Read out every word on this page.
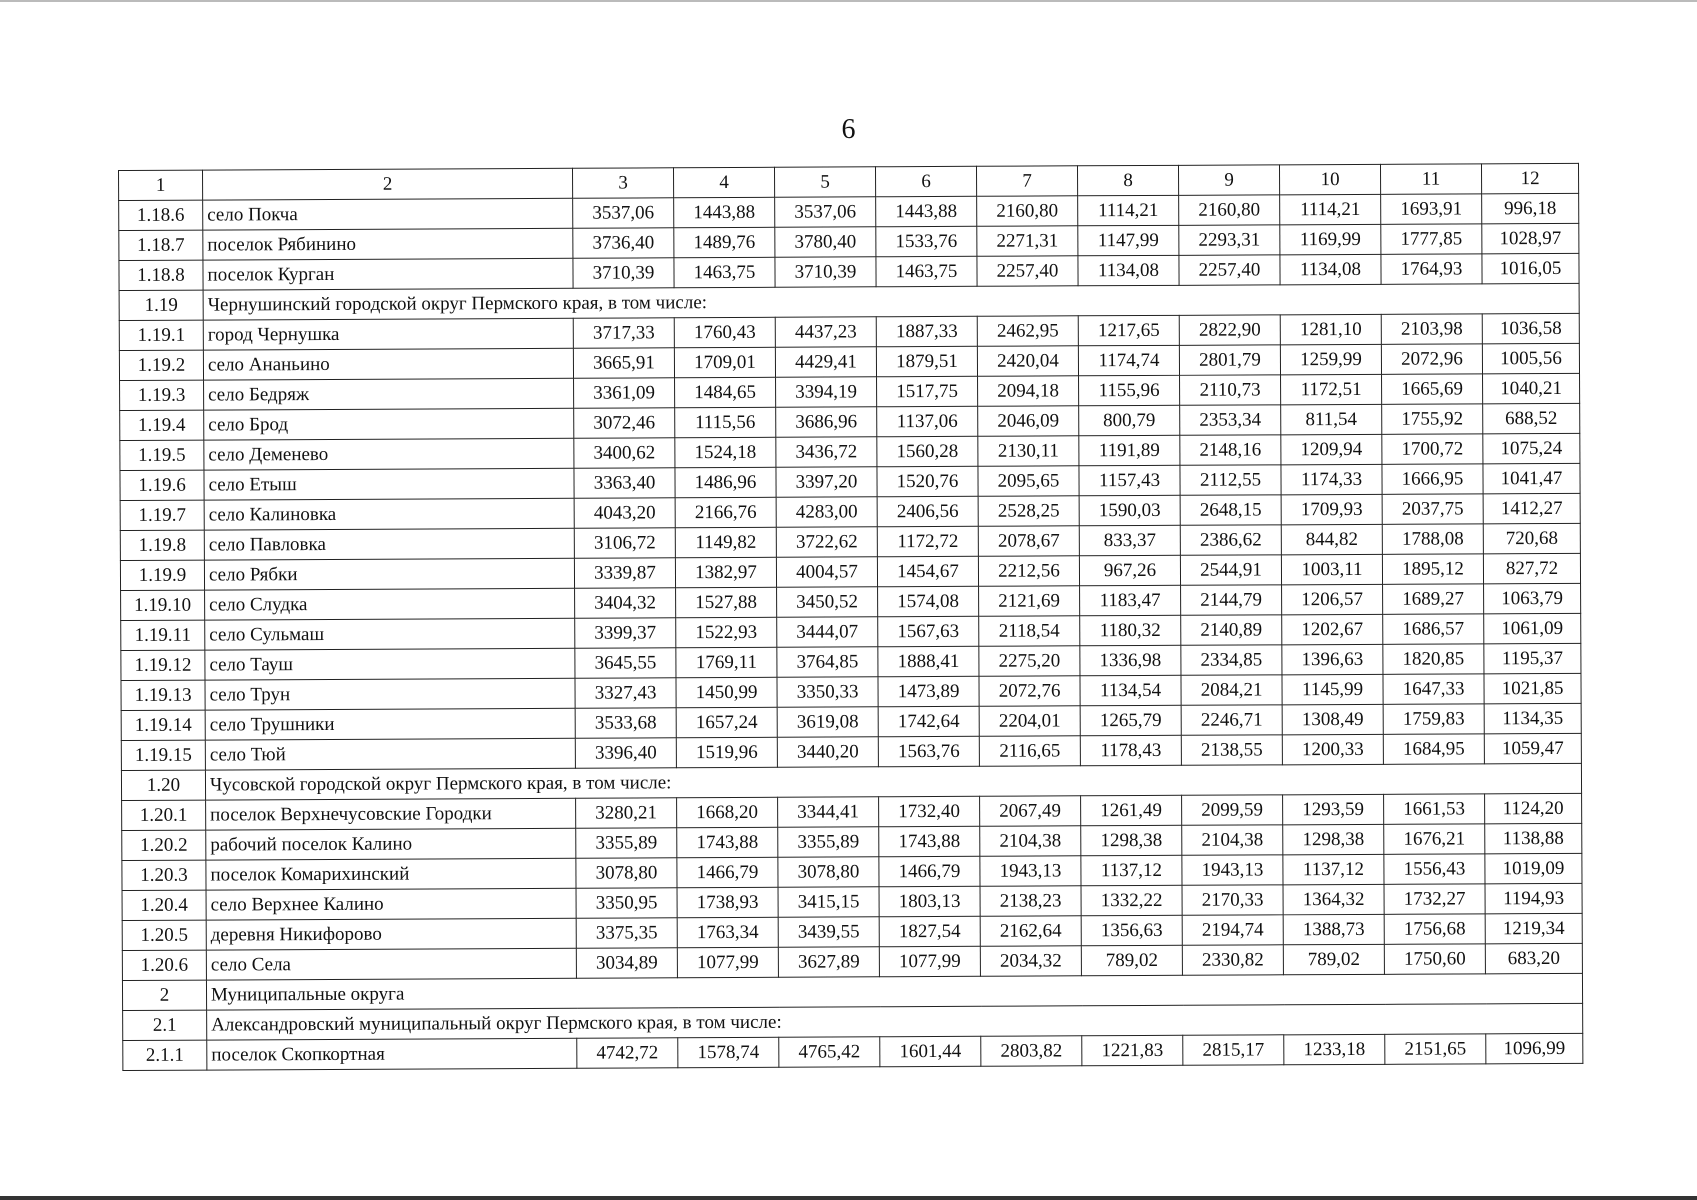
6
1	2	3	4	5	6	7	8	9	10	11	12
1.18.6	село Покча	3537,06	1443,88	3537,06	1443,88	2160,80	1114,21	2160,80	1114,21	1693,91	996,18
1.18.7	поселок Рябинино	3736,40	1489,76	3780,40	1533,76	2271,31	1147,99	2293,31	1169,99	1777,85	1028,97
1.18.8	поселок Курган	3710,39	1463,75	3710,39	1463,75	2257,40	1134,08	2257,40	1134,08	1764,93	1016,05
1.19	Чернушинский городской округ Пермского края, в том числе:										
1.19.1	город Чернушка	3717,33	1760,43	4437,23	1887,33	2462,95	1217,65	2822,90	1281,10	2103,98	1036,58
1.19.2	село Ананьино	3665,91	1709,01	4429,41	1879,51	2420,04	1174,74	2801,79	1259,99	2072,96	1005,56
1.19.3	село Бедряж	3361,09	1484,65	3394,19	1517,75	2094,18	1155,96	2110,73	1172,51	1665,69	1040,21
1.19.4	село Брод	3072,46	1115,56	3686,96	1137,06	2046,09	800,79	2353,34	811,54	1755,92	688,52
1.19.5	село Деменево	3400,62	1524,18	3436,72	1560,28	2130,11	1191,89	2148,16	1209,94	1700,72	1075,24
1.19.6	село Етыш	3363,40	1486,96	3397,20	1520,76	2095,65	1157,43	2112,55	1174,33	1666,95	1041,47
1.19.7	село Калиновка	4043,20	2166,76	4283,00	2406,56	2528,25	1590,03	2648,15	1709,93	2037,75	1412,27
1.19.8	село Павловка	3106,72	1149,82	3722,62	1172,72	2078,67	833,37	2386,62	844,82	1788,08	720,68
1.19.9	село Рябки	3339,87	1382,97	4004,57	1454,67	2212,56	967,26	2544,91	1003,11	1895,12	827,72
1.19.10	село Слудка	3404,32	1527,88	3450,52	1574,08	2121,69	1183,47	2144,79	1206,57	1689,27	1063,79
1.19.11	село Сульмаш	3399,37	1522,93	3444,07	1567,63	2118,54	1180,32	2140,89	1202,67	1686,57	1061,09
1.19.12	село Тауш	3645,55	1769,11	3764,85	1888,41	2275,20	1336,98	2334,85	1396,63	1820,85	1195,37
1.19.13	село Трун	3327,43	1450,99	3350,33	1473,89	2072,76	1134,54	2084,21	1145,99	1647,33	1021,85
1.19.14	село Трушники	3533,68	1657,24	3619,08	1742,64	2204,01	1265,79	2246,71	1308,49	1759,83	1134,35
1.19.15	село Тюй	3396,40	1519,96	3440,20	1563,76	2116,65	1178,43	2138,55	1200,33	1684,95	1059,47
1.20	Чусовской городской округ Пермского края, в том числе:										
1.20.1	поселок Верхнечусовские Городки	3280,21	1668,20	3344,41	1732,40	2067,49	1261,49	2099,59	1293,59	1661,53	1124,20
1.20.2	рабочий поселок Калино	3355,89	1743,88	3355,89	1743,88	2104,38	1298,38	2104,38	1298,38	1676,21	1138,88
1.20.3	поселок Комарихинский	3078,80	1466,79	3078,80	1466,79	1943,13	1137,12	1943,13	1137,12	1556,43	1019,09
1.20.4	село Верхнее Калино	3350,95	1738,93	3415,15	1803,13	2138,23	1332,22	2170,33	1364,32	1732,27	1194,93
1.20.5	деревня Никифорово	3375,35	1763,34	3439,55	1827,54	2162,64	1356,63	2194,74	1388,73	1756,68	1219,34
1.20.6	село Села	3034,89	1077,99	3627,89	1077,99	2034,32	789,02	2330,82	789,02	1750,60	683,20
2	Муниципальные округа										
2.1	Александровский муниципальный округ Пермского края, в том числе:										
2.1.1	поселок Скопкортная	4742,72	1578,74	4765,42	1601,44	2803,82	1221,83	2815,17	1233,18	2151,65	1096,99
